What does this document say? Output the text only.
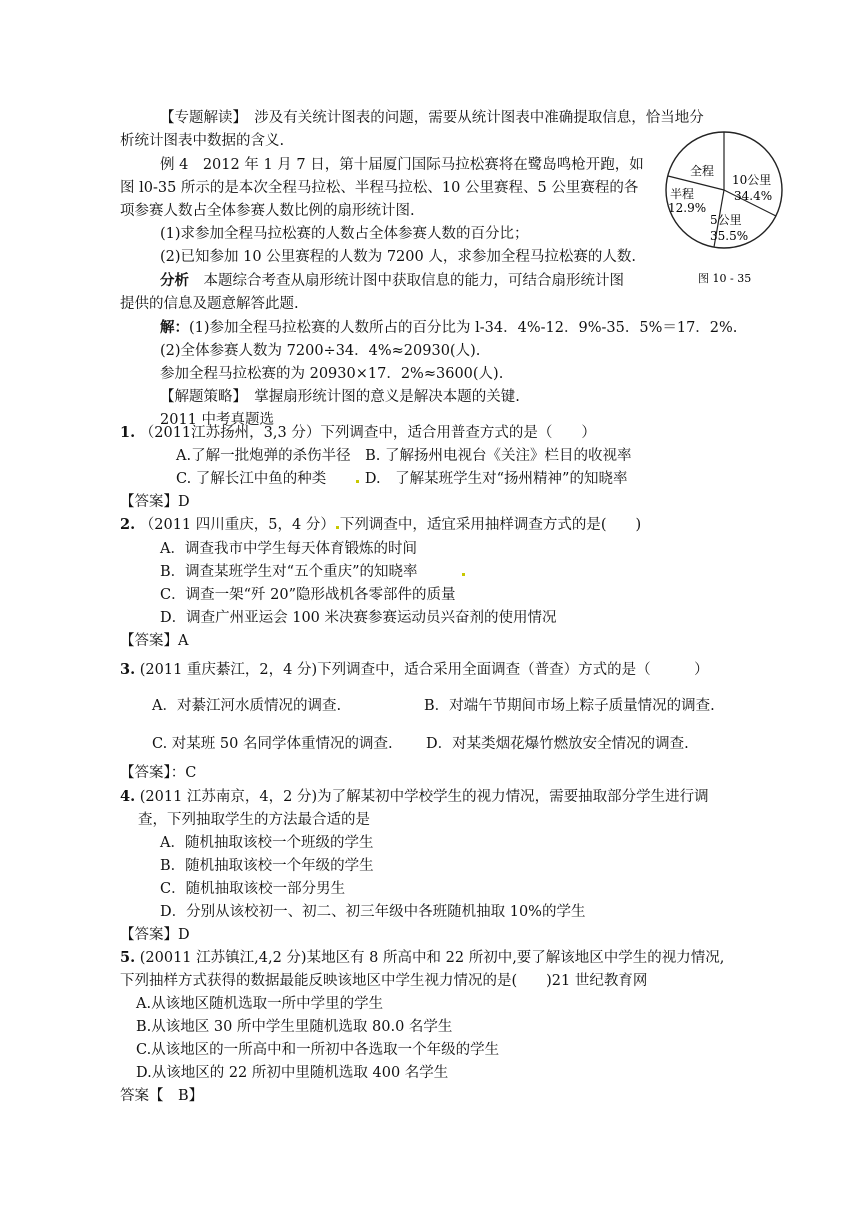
【专题解读】　涉及有关统计图表的问题，需要从统计图表中准确提取信息，恰当地分
析统计图表中数据的含义.
例 4　2012 年 1 月 7 日，第十届厦门国际马拉松赛将在鹭岛鸣枪开跑，如
图 l0-35 所示的是本次全程马拉松、半程马拉松、10 公里赛程、5 公里赛程的各
项参赛人数占全体参赛人数比例的扇形统计图.
(1)求参加全程马拉松赛的人数占全体参赛人数的百分比；
(2)已知参加 10 公里赛程的人数为 7200 人，求参加全程马拉松赛的人数.
分析　本题综合考查从扇形统计图中获取信息的能力，可结合扇形统计图
提供的信息及题意解答此题.
解：(1)参加全程马拉松赛的人数所占的百分比为 l-34．4%-12．9%-35．5%＝17．2%.
(2)全体参赛人数为 7200÷34．4%≈20930(人).
参加全程马拉松赛的为 20930×17．2%≈3600(人).
【解题策略】　掌握扇形统计图的意义是解决本题的关键.
2011 中考真题选
全程
10公里
34.4%
5公里
35.5%
半程
12.9%
图 10 - 35
1. （2011江苏扬州，3,3 分）下列调查中，适合用普查方式的是（　　）
A.了解一批炮弹的杀伤半径　B. 了解扬州电视台《关注》栏目的收视率
C. 了解长江中鱼的种类　　	D.　了解某班学生对“扬州精神”的知晓率
【答案】D
2. （2011 四川重庆，5，4 分） 下列调查中，适宜采用抽样调查方式的是(　　)
A．调查我市中学生每天体育锻炼的时间
B．调查某班学生对“五个重庆”的知晓率　　　
C．调查一架“歼 20”隐形战机各零部件的质量
D．调查广州亚运会 100 米决赛参赛运动员兴奋剂的使用情况
【答案】A
3. (2011 重庆綦江，2，4 分)下列调查中，适合采用全面调查（普查）方式的是（　　　）
A．对綦江河水质情况的调查.	B．对端午节期间市场上粽子质量情况的调查.
C. 对某班 50 名同学体重情况的调查. D．对某类烟花爆竹燃放安全情况的调查.
【答案】：C
4. (2011 江苏南京，4，2 分)为了解某初中学校学生的视力情况，需要抽取部分学生进行调
查，下列抽取学生的方法最合适的是
A．随机抽取该校一个班级的学生
B．随机抽取该校一个年级的学生
C．随机抽取该校一部分男生
D．分别从该校初一、初二、初三年级中各班随机抽取 10%的学生
【答案】D
5. (20011 江苏镇江,4,2 分)某地区有 8 所高中和 22 所初中,要了解该地区中学生的视力情况,
下列抽样方式获得的数据最能反映该地区中学生视力情况的是(　　)21 世纪教育网
A.从该地区随机选取一所中学里的学生
B.从该地区 30 所中学生里随机选取 80.0 名学生
C.从该地区的一所高中和一所初中各选取一个年级的学生
D.从该地区的 22 所初中里随机选取 400 名学生
答案【　B】
